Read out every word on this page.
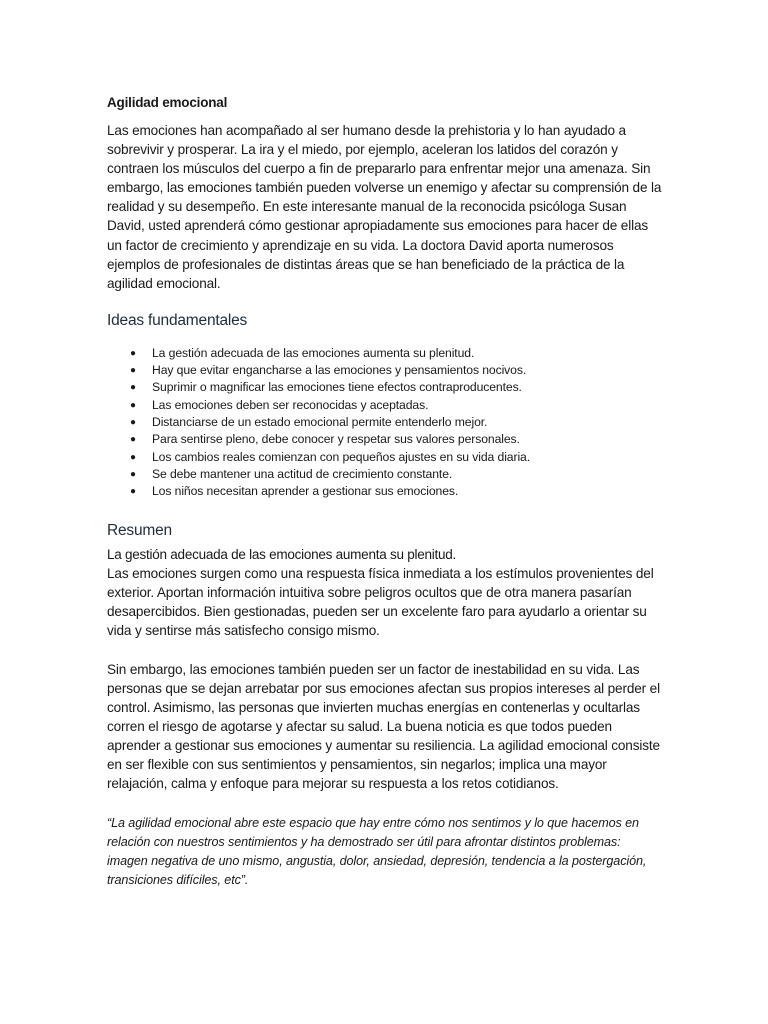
Agilidad emocional

Las emociones han acompañado al ser humano desde la prehistoria y lo han ayudado a sobrevivir y prosperar. La ira y el miedo, por ejemplo, aceleran los latidos del corazón y contraen los músculos del cuerpo a fin de prepararlo para enfrentar mejor una amenaza. Sin embargo, las emociones también pueden volverse un enemigo y afectar su comprensión de la realidad y su desempeño. En este interesante manual de la reconocida psicóloga Susan David, usted aprenderá cómo gestionar apropiadamente sus emociones para hacer de ellas un factor de crecimiento y aprendizaje en su vida. La doctora David aporta numerosos ejemplos de profesionales de distintas áreas que se han beneficiado de la práctica de la agilidad emocional.

Ideas fundamentales
● La gestión adecuada de las emociones aumenta su plenitud.
● Hay que evitar engancharse a las emociones y pensamientos nocivos.
● Suprimir o magnificar las emociones tiene efectos contraproducentes.
● Las emociones deben ser reconocidas y aceptadas.
● Distanciarse de un estado emocional permite entenderlo mejor.
● Para sentirse pleno, debe conocer y respetar sus valores personales.
● Los cambios reales comienzan con pequeños ajustes en su vida diaria.
● Se debe mantener una actitud de crecimiento constante.
● Los niños necesitan aprender a gestionar sus emociones.
Resumen

La gestión adecuada de las emociones aumenta su plenitud.

Las emociones surgen como una respuesta física inmediata a los estímulos provenientes del exterior. Aportan información intuitiva sobre peligros ocultos que de otra manera pasarían desapercibidos. Bien gestionadas, pueden ser un excelente faro para ayudarlo a orientar su vida y sentirse más satisfecho consigo mismo.

Sin embargo, las emociones también pueden ser un factor de inestabilidad en su vida. Las personas que se dejan arrebatar por sus emociones afectan sus propios intereses al perder el control. Asimismo, las personas que invierten muchas energías en contenerlas y ocultarlas corren el riesgo de agotarse y afectar su salud. La buena noticia es que todos pueden aprender a gestionar sus emociones y aumentar su resiliencia. La agilidad emocional consiste en ser flexible con sus sentimientos y pensamientos, sin negarlos; implica una mayor relajación, calma y enfoque para mejorar su respuesta a los retos cotidianos.

“La agilidad emocional abre este espacio que hay entre cómo nos sentimos y lo que hacemos en relación con nuestros sentimientos y ha demostrado ser útil para afrontar distintos problemas: imagen negativa de uno mismo, angustia, dolor, ansiedad, depresión, tendencia a la postergación, transiciones difíciles, etc”.
